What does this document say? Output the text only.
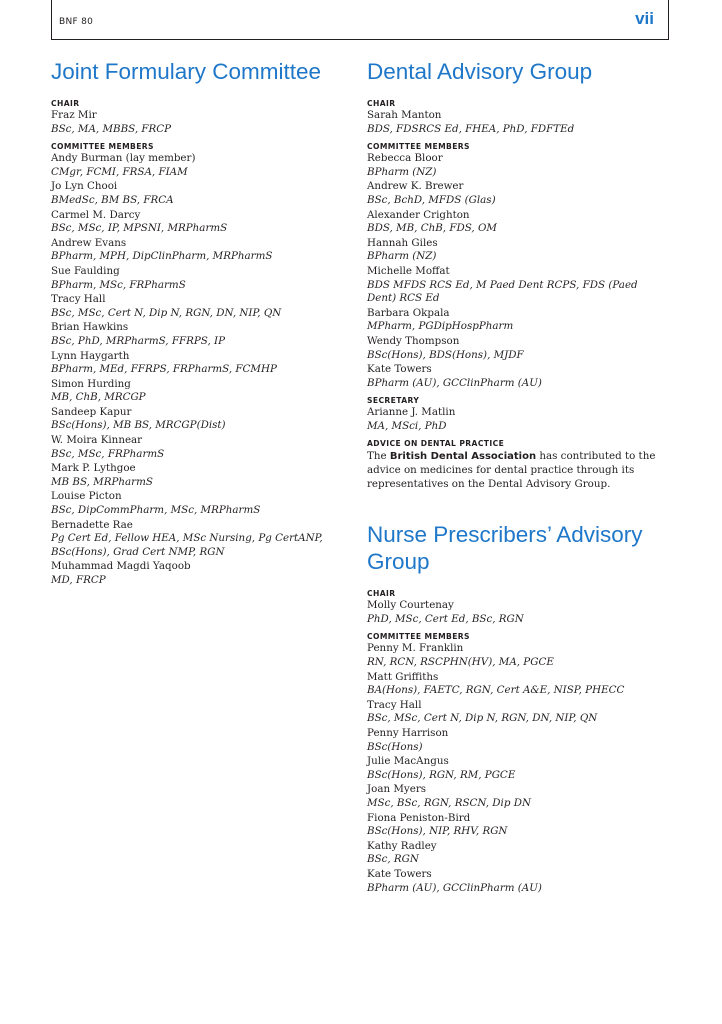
BNF 80	vii
Joint Formulary Committee
CHAIR
Fraz Mir
BSc, MA, MBBS, FRCP
COMMITTEE MEMBERS
Andy Burman (lay member)
CMgr, FCMI, FRSA, FIAM
Jo Lyn Chooi
BMedSc, BM BS, FRCA
Carmel M. Darcy
BSc, MSc, IP, MPSNI, MRPharmS
Andrew Evans
BPharm, MPH, DipClinPharm, MRPharmS
Sue Faulding
BPharm, MSc, FRPharmS
Tracy Hall
BSc, MSc, Cert N, Dip N, RGN, DN, NIP, QN
Brian Hawkins
BSc, PhD, MRPharmS, FFRPS, IP
Lynn Haygarth
BPharm, MEd, FFRPS, FRPharmS, FCMHP
Simon Hurding
MB, ChB, MRCGP
Sandeep Kapur
BSc(Hons), MB BS, MRCGP(Dist)
W. Moira Kinnear
BSc, MSc, FRPharmS
Mark P. Lythgoe
MB BS, MRPharmS
Louise Picton
BSc, DipCommPharm, MSc, MRPharmS
Bernadette Rae
Pg Cert Ed, Fellow HEA, MSc Nursing, Pg CertANP, BSc(Hons), Grad Cert NMP, RGN
Muhammad Magdi Yaqoob
MD, FRCP
Dental Advisory Group
CHAIR
Sarah Manton
BDS, FDSRCS Ed, FHEA, PhD, FDFTEd
COMMITTEE MEMBERS
Rebecca Bloor
BPharm (NZ)
Andrew K. Brewer
BSc, BchD, MFDS (Glas)
Alexander Crighton
BDS, MB, ChB, FDS, OM
Hannah Giles
BPharm (NZ)
Michelle Moffat
BDS MFDS RCS Ed, M Paed Dent RCPS, FDS (Paed Dent) RCS Ed
Barbara Okpala
MPharm, PGDipHospPharm
Wendy Thompson
BSc(Hons), BDS(Hons), MJDF
Kate Towers
BPharm (AU), GCClinPharm (AU)
SECRETARY
Arianne J. Matlin
MA, MSci, PhD
ADVICE ON DENTAL PRACTICE
The British Dental Association has contributed to the advice on medicines for dental practice through its representatives on the Dental Advisory Group.
Nurse Prescribers’ Advisory Group
CHAIR
Molly Courtenay
PhD, MSc, Cert Ed, BSc, RGN
COMMITTEE MEMBERS
Penny M. Franklin
RN, RCN, RSCPHN(HV), MA, PGCE
Matt Griffiths
BA(Hons), FAETC, RGN, Cert A&E, NISP, PHECC
Tracy Hall
BSc, MSc, Cert N, Dip N, RGN, DN, NIP, QN
Penny Harrison
BSc(Hons)
Julie MacAngus
BSc(Hons), RGN, RM, PGCE
Joan Myers
MSc, BSc, RGN, RSCN, Dip DN
Fiona Peniston-Bird
BSc(Hons), NIP, RHV, RGN
Kathy Radley
BSc, RGN
Kate Towers
BPharm (AU), GCClinPharm (AU)
